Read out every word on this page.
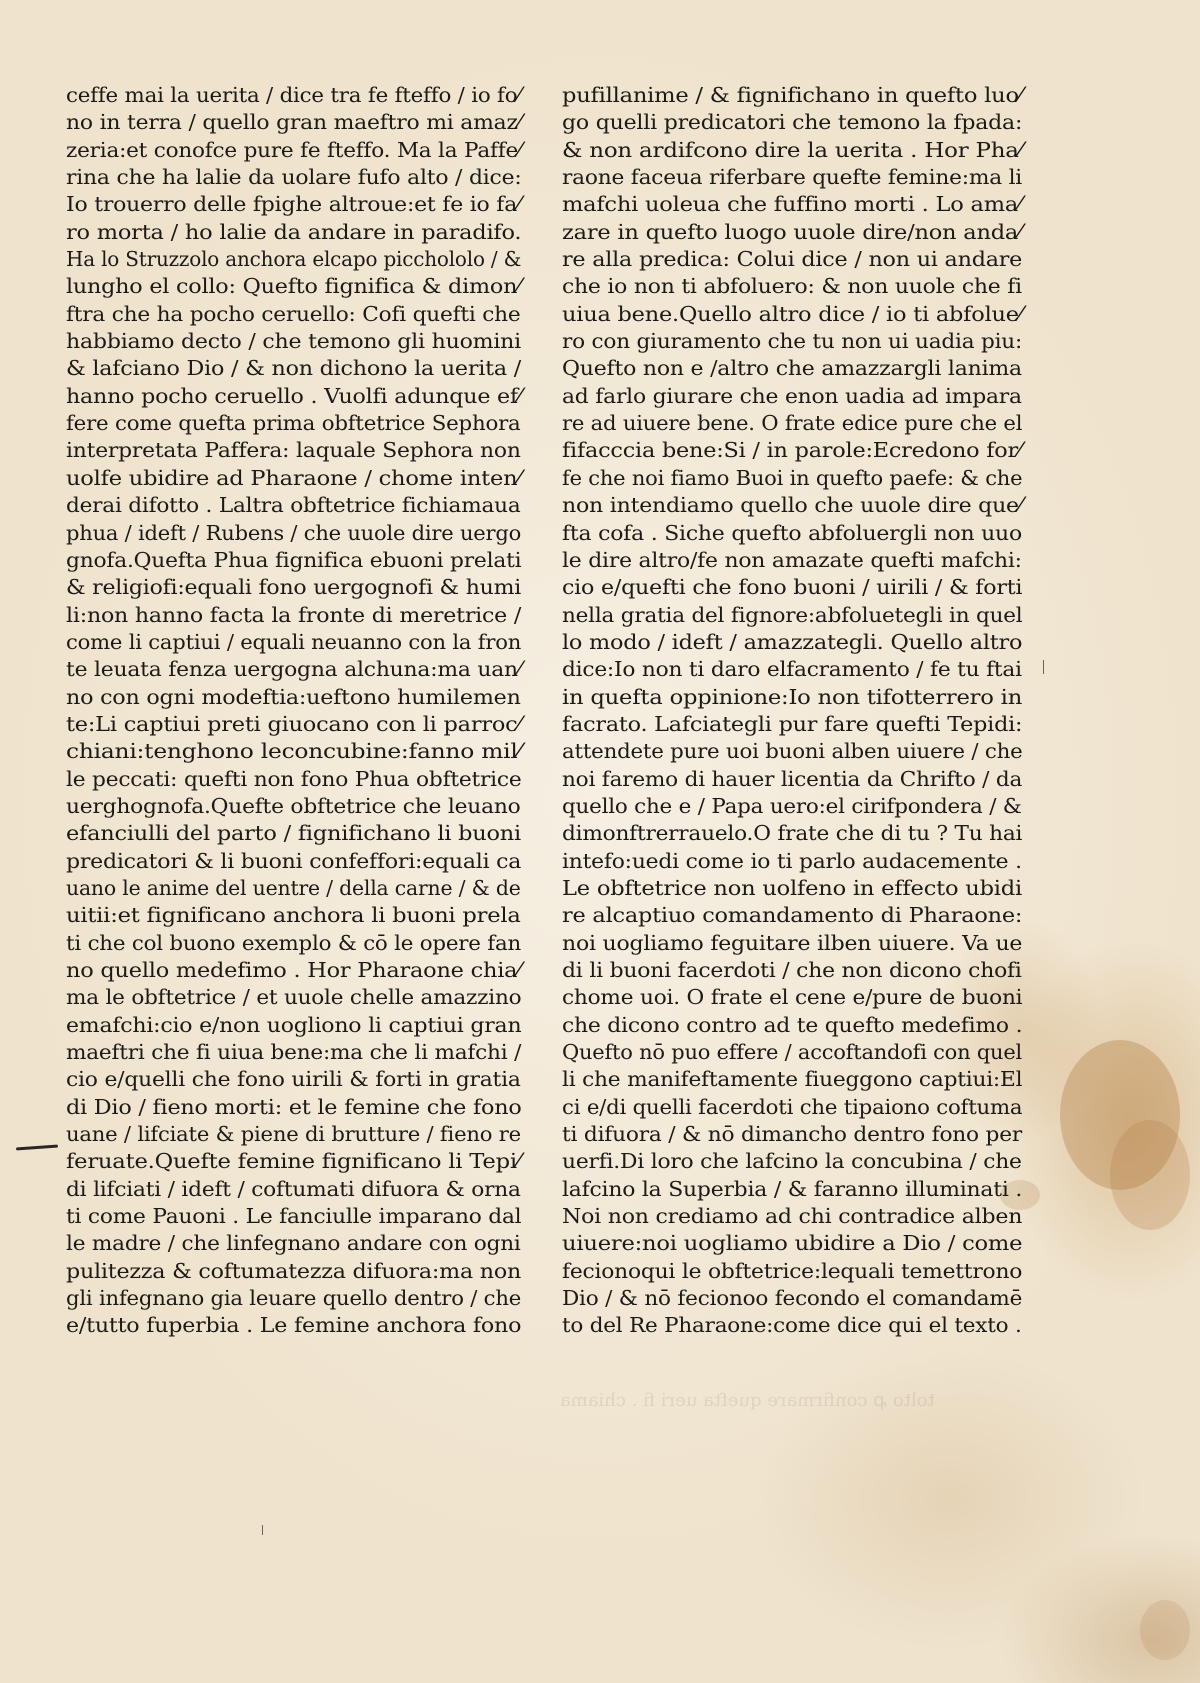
ceffe mai la uerita / dice tra fe fteffo / io fo⁄
no in terra / quello gran maeftro mi amaz⁄
zeria:et conofce pure fe fteffo. Ma la Paffe⁄
rina che ha lalie da uolare fufo alto / dice:
Io trouerro delle fpighe altroue:et fe io fa⁄
ro morta / ho lalie da andare in paradifo.
Ha lo Struzzolo anchora elcapo picchololo / &
lungho el collo: Quefto fignifica & dimon⁄
ftra che ha pocho ceruello: Cofi quefti che
habbiamo decto / che temono gli huomini
& lafciano Dio / & non dichono la uerita /
hanno pocho ceruello . Vuolfi adunque ef⁄
fere come quefta prima obftetrice Sephora
interpretata Paffera: laquale Sephora non
uolfe ubidire ad Pharaone / chome inten⁄
derai difotto . Laltra obftetrice fichiamaua
phua / ideft / Rubens / che uuole dire uergo
gnofa.Quefta Phua fignifica ebuoni prelati
& religiofi:equali fono uergognofi & humi
li:non hanno facta la fronte di meretrice /
come li captiui / equali neuanno con la fron
te leuata fenza uergogna alchuna:ma uan⁄
no con ogni modeftia:ueftono humilemen
te:Li captiui preti giuocano con li parroc⁄
chiani:tenghono leconcubine:fanno mil⁄
le peccati: quefti non fono Phua obftetrice
uerghognofa.Quefte obftetrice che leuano
efanciulli del parto / fignifichano li buoni
predicatori & li buoni confeffori:equali ca
uano le anime del uentre / della carne / & de
uitii:et fignificano anchora li buoni prela
ti che col buono exemplo & cō le opere fan
no quello medefimo . Hor Pharaone chia⁄
ma le obftetrice / et uuole chelle amazzino
emafchi:cio e/non uogliono li captiui gran
maeftri che fi uiua bene:ma che li mafchi /
cio e/quelli che fono uirili & forti in gratia
di Dio / fieno morti: et le femine che fono
uane / lifciate & piene di brutture / fieno re
feruate.Quefte femine fignificano li Tepi⁄
di lifciati / ideft / coftumati difuora & orna
ti come Pauoni . Le fanciulle imparano dal
le madre / che linfegnano andare con ogni
pulitezza & coftumatezza difuora:ma non
gli infegnano gia leuare quello dentro / che
e/tutto fuperbia . Le femine anchora fono
pufillanime / & fignifichano in quefto luo⁄
go quelli predicatori che temono la fpada:
& non ardifcono dire la uerita . Hor Pha⁄
raone faceua riferbare quefte femine:ma li
mafchi uoleua che fuffino morti . Lo ama⁄
zare in quefto luogo uuole dire/non anda⁄
re alla predica: Colui dice / non ui andare
che io non ti abfoluero: & non uuole che fi
uiua bene.Quello altro dice / io ti abfolue⁄
ro con giuramento che tu non ui uadia piu:
Quefto non e /altro che amazzargli lanima
ad farlo giurare che enon uadia ad impara
re ad uiuere bene. O frate edice pure che el
fifacccia bene:Si / in parole:Ecredono for⁄
fe che noi fiamo Buoi in quefto paefe: & che
non intendiamo quello che uuole dire que⁄
fta cofa . Siche quefto abfoluergli non uuo
le dire altro/fe non amazate quefti mafchi:
cio e/quefti che fono buoni / uirili / & forti
nella gratia del fignore:abfoluetegli in quel
lo modo / ideft / amazzategli. Quello altro
dice:Io non ti daro elfacramento / fe tu ftai
in quefta oppinione:Io non tifotterrero in
facrato. Lafciategli pur fare quefti Tepidi:
attendete pure uoi buoni alben uiuere / che
noi faremo di hauer licentia da Chrifto / da
quello che e / Papa uero:el cirifpondera / &
dimonftrerrauelo.O frate che di tu ? Tu hai
intefo:uedi come io ti parlo audacemente .
Le obftetrice non uolfeno in effecto ubidi
re alcaptiuo comandamento di Pharaone:
noi uogliamo feguitare ilben uiuere. Va ue
di li buoni facerdoti / che non dicono chofi
chome uoi. O frate el cene e/pure de buoni
che dicono contro ad te quefto medefimo .
Quefto nō puo effere / accoftandofi con quel
li che manifeftamente fiueggono captiui:El
ci e/di quelli facerdoti che tipaiono coftuma
ti difuora / & nō dimancho dentro fono per
uerfi.Di loro che lafcino la concubina / che
lafcino la Superbia / & faranno illuminati .
Noi non crediamo ad chi contradice alben
uiuere:noi uogliamo ubidire a Dio / come
fecionoqui le obftetrice:lequali temettrono
Dio / & nō fecionoo fecondo el comandamē
to del Re Pharaone:come dice qui el texto .
tolto ꝓ confirmare quefta ueri fi . chiama
